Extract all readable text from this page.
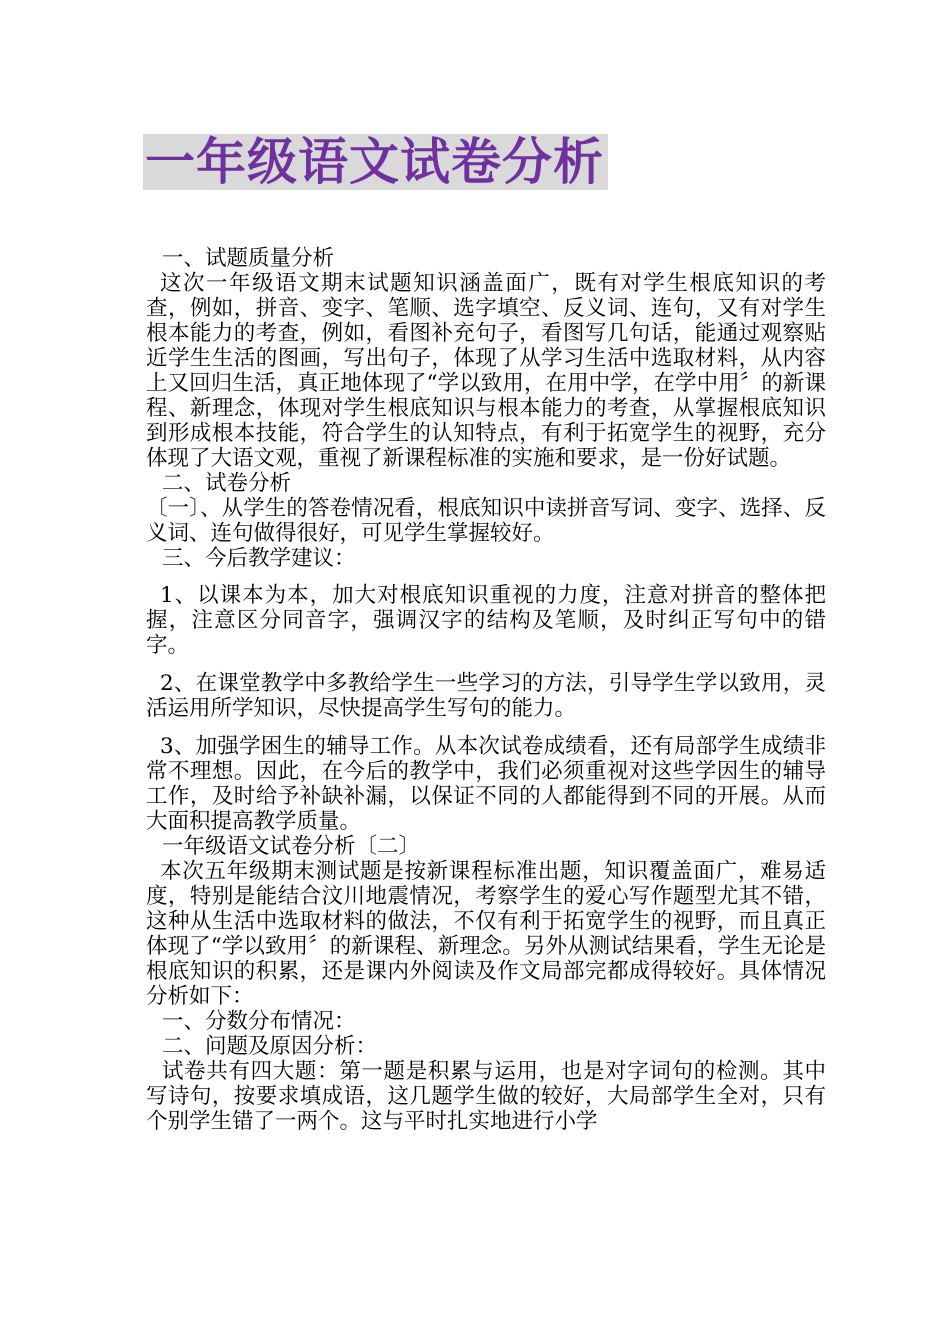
一年级语文试卷分析

一、试题质量分析

这次一年级语文期末试题知识涵盖面广，既有对学生根底知识的考查，例如，拼音、变字、笔顺、选字填空、反义词、连句，又有对学生根本能力的考查，例如，看图补充句子，看图写几句话，能通过观察贴近学生生活的图画，写出句子，体现了从学习生活中选取材料，从内容上又回归生活，真正地体现了“学以致用，在用中学，在学中用〞的新课程、新理念，体现对学生根底知识与根本能力的考查，从掌握根底知识到形成根本技能，符合学生的认知特点，有利于拓宽学生的视野，充分体现了大语文观，重视了新课程标准的实施和要求，是一份好试题。

二、试卷分析

〔一〕、从学生的答卷情况看，根底知识中读拼音写词、变字、选择、反义词、连句做得很好，可见学生掌握较好。

三、今后教学建议：

1、以课本为本，加大对根底知识重视的力度，注意对拼音的整体把握，注意区分同音字，强调汉字的结构及笔顺，及时纠正写句中的错字。

2、在课堂教学中多教给学生一些学习的方法，引导学生学以致用，灵活运用所学知识，尽快提高学生写句的能力。

3、加强学困生的辅导工作。从本次试卷成绩看，还有局部学生成绩非常不理想。因此，在今后的教学中，我们必须重视对这些学因生的辅导工作，及时给予补缺补漏，以保证不同的人都能得到不同的开展。从而大面积提高教学质量。

一年级语文试卷分析〔二〕

本次五年级期末测试题是按新课程标准出题，知识覆盖面广，难易适度，特别是能结合汶川地震情况，考察学生的爱心写作题型尤其不错，这种从生活中选取材料的做法，不仅有利于拓宽学生的视野，而且真正体现了“学以致用〞的新课程、新理念。另外从测试结果看，学生无论是根底知识的积累，还是课内外阅读及作文局部完都成得较好。具体情况分析如下：

一、分数分布情况：

二、问题及原因分析：

试卷共有四大题：第一题是积累与运用，也是对字词句的检测。其中写诗句，按要求填成语，这几题学生做的较好，大局部学生全对，只有个别学生错了一两个。这与平时扎实地进行小学
